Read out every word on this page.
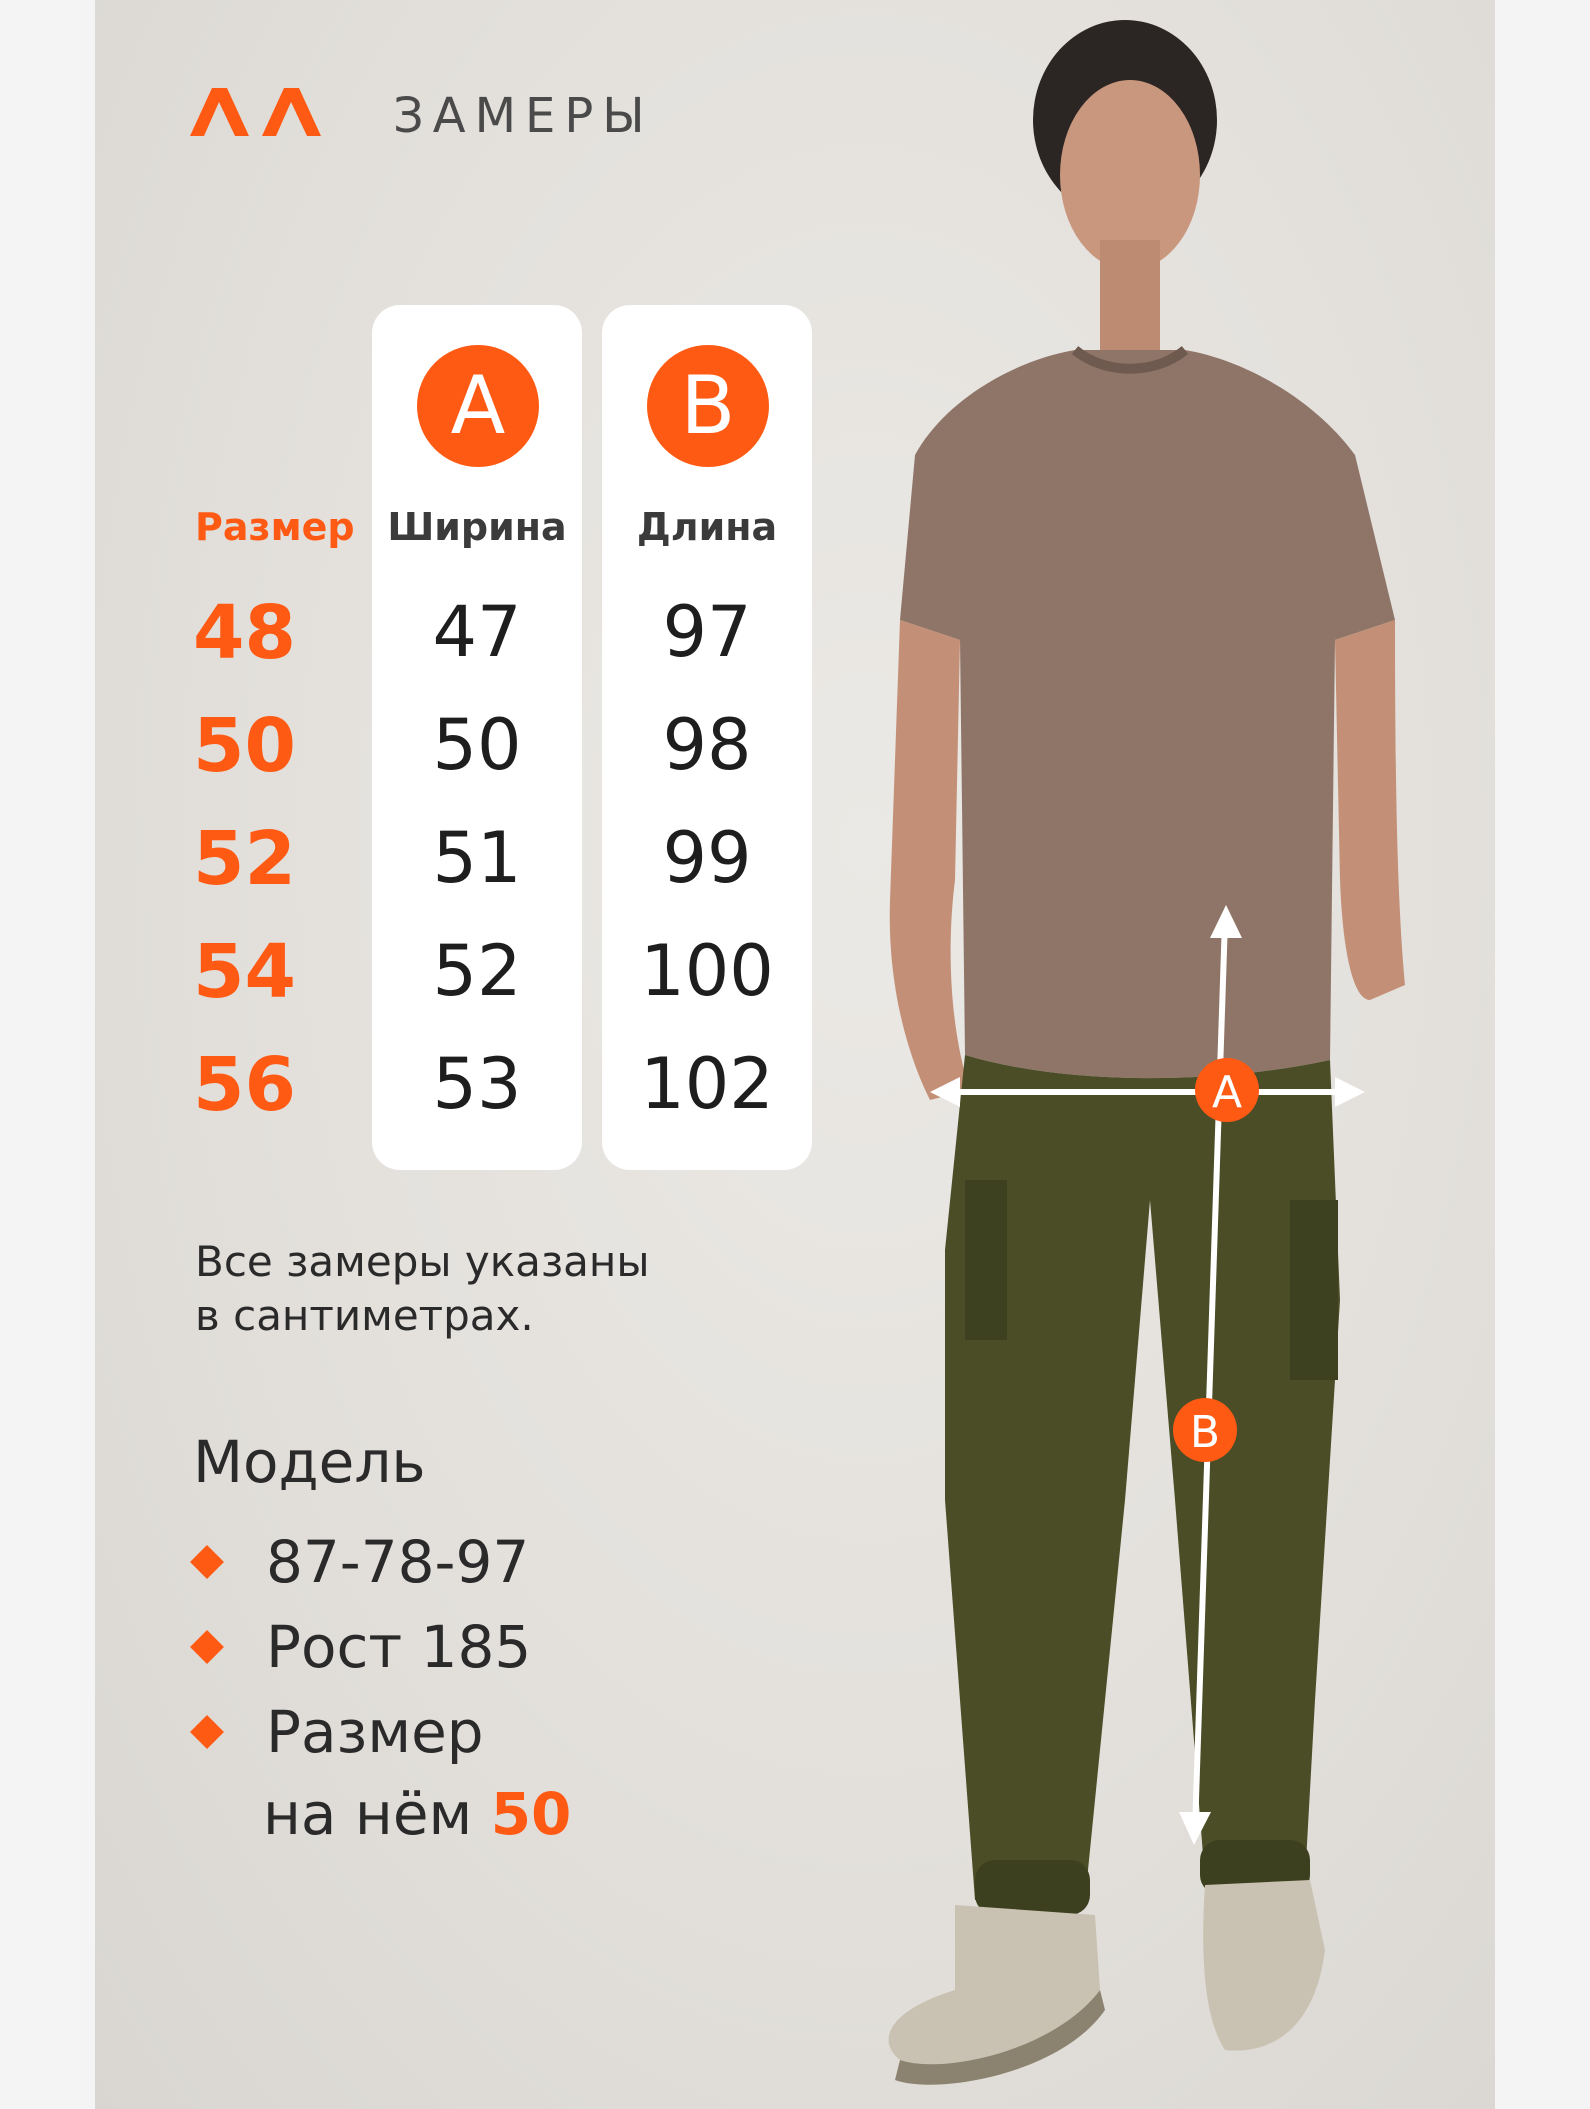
ЗАМЕРЫ
Размер
48
50
52
54
56
A
Ширина
47
50
51
52
53
B
Длина
97
98
99
100
102
Все замеры указаны
в сантиметрах.
Модель
87-78-97
Рост 185
Размер
на нём 50
A
B
